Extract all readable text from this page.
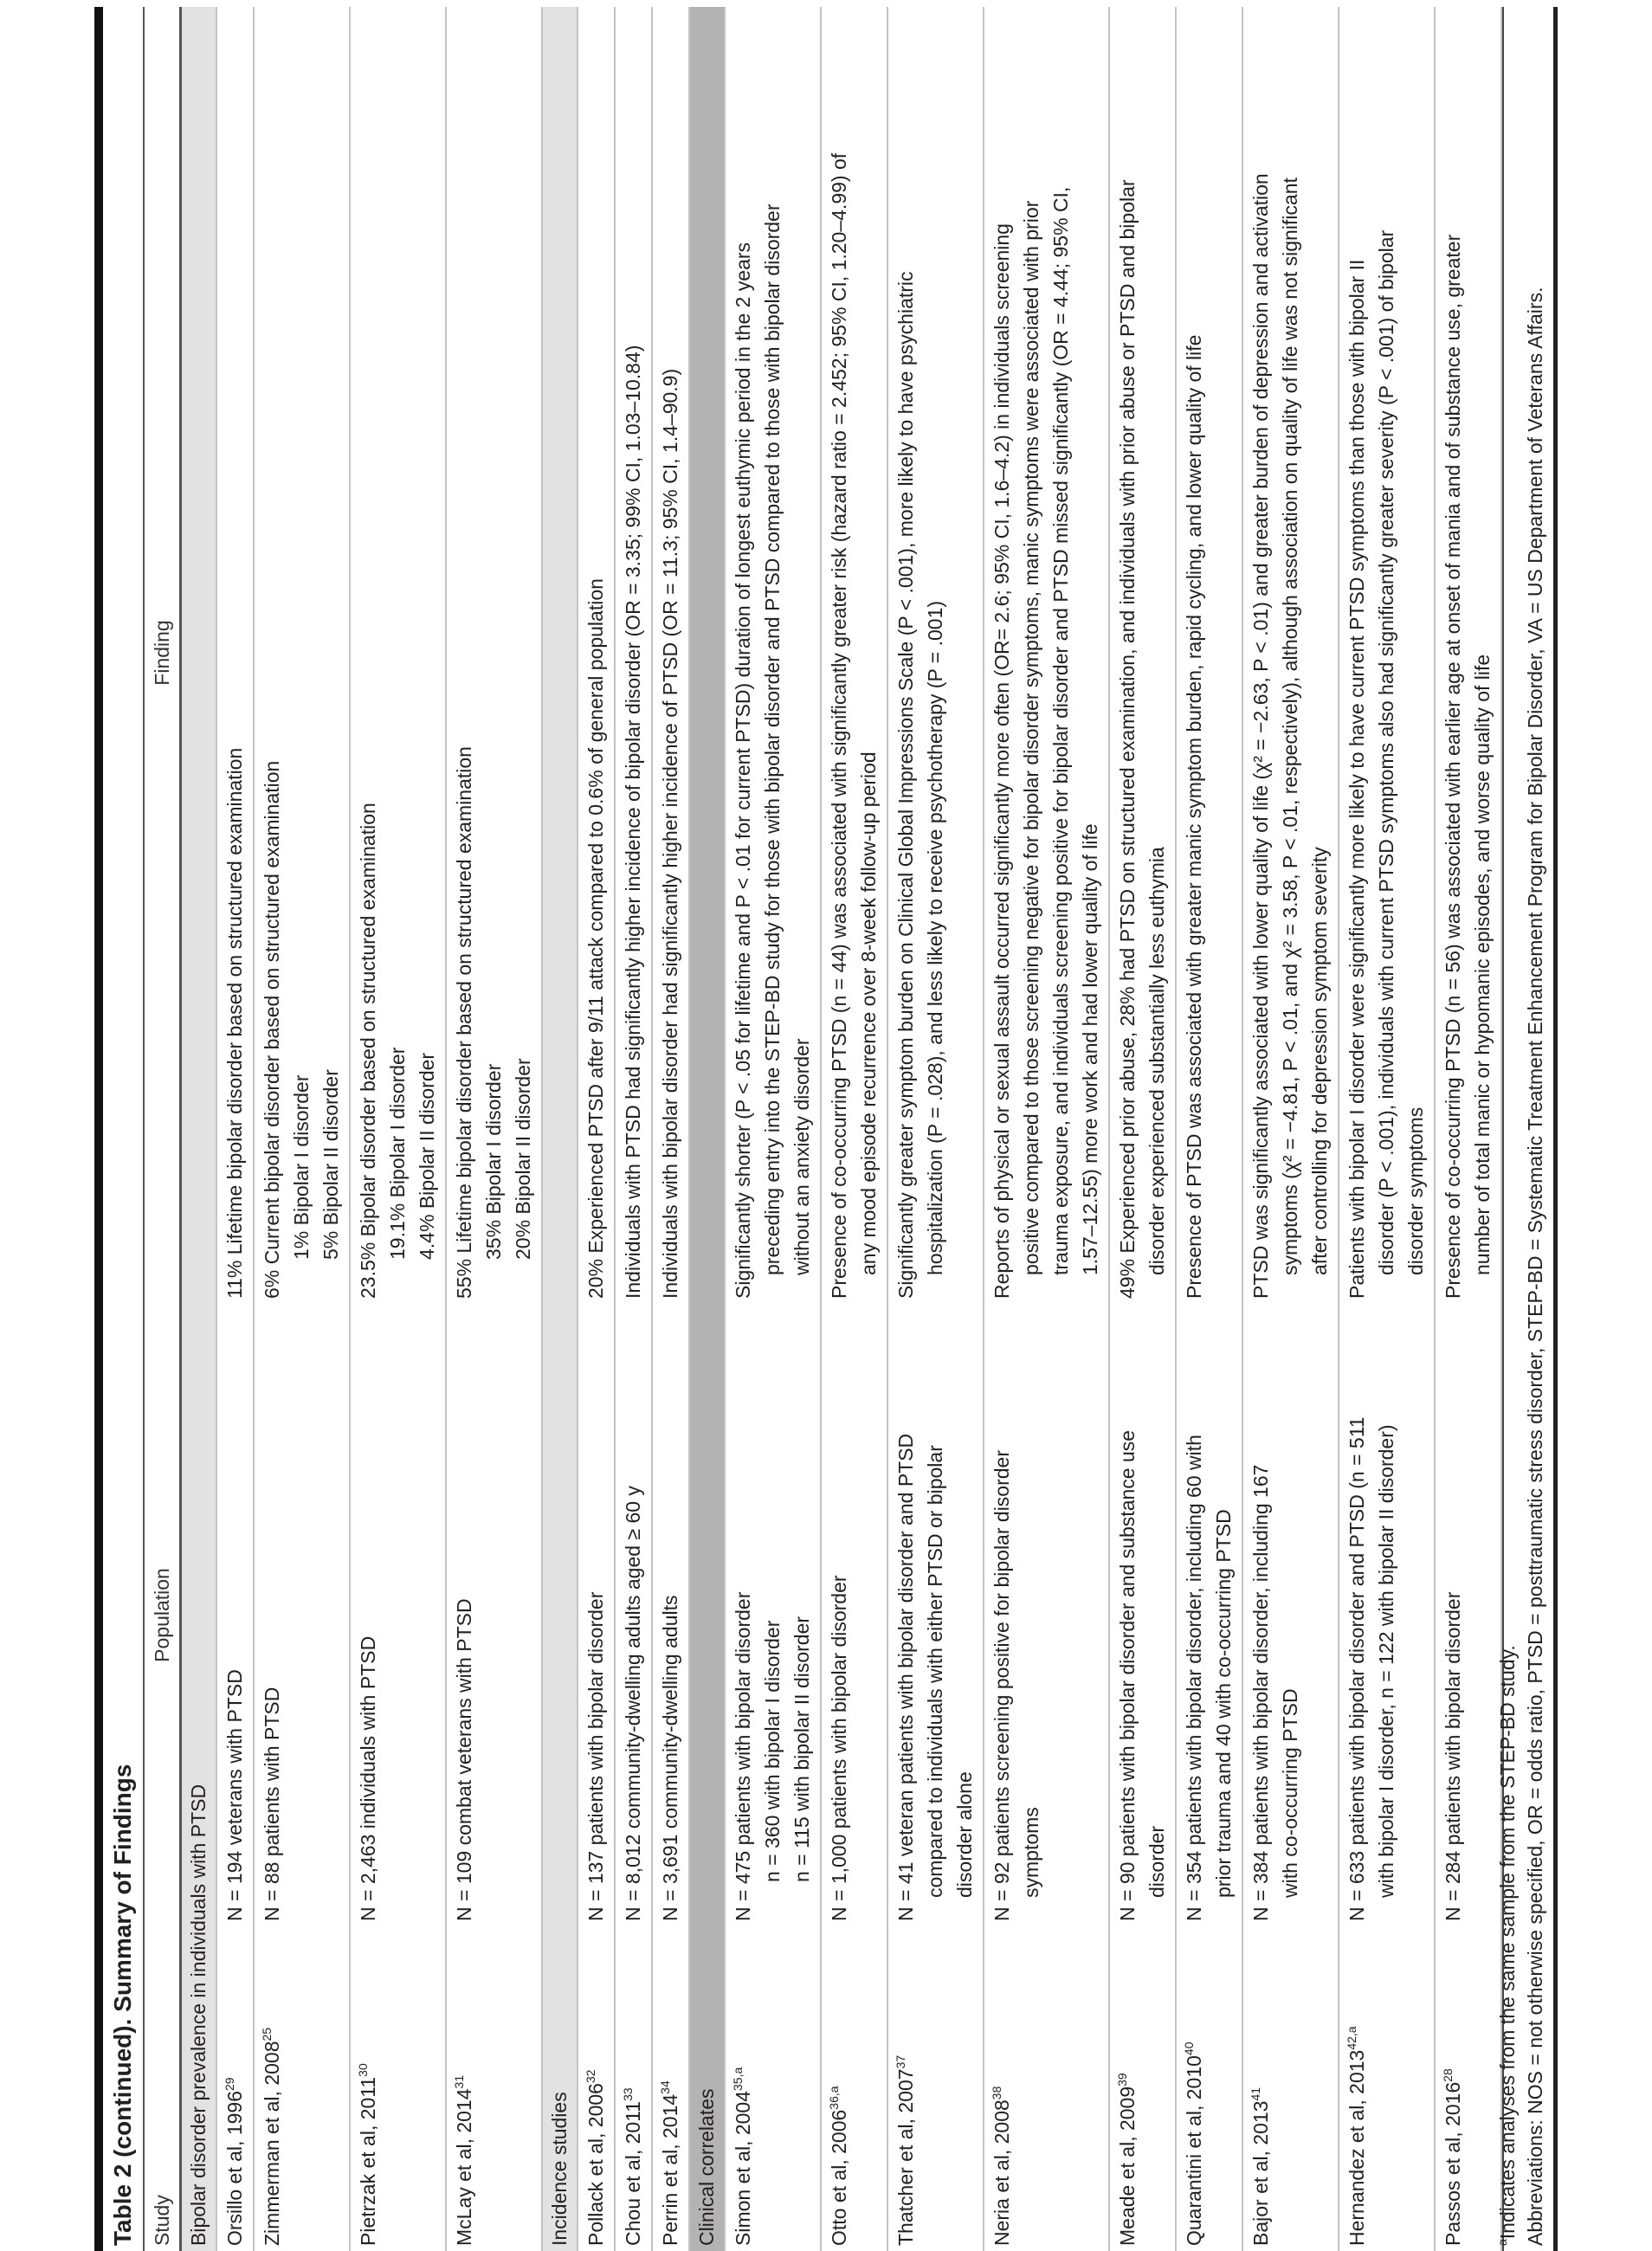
Table 2 (continued). Summary of Findings Study
Population
Finding
Bipolar disorder prevalence in individuals with PTSD Orsillo et al, 1996$^{29}$
N = 194 veterans with PTSD
11% Lifetime bipolar disorder based on structured examination
Zimmerman et al, 2008$^{25}$
N = 88 patients with PTSD
6% Current bipolar disorder based on structured examination 1% Bipolar I disorder 5% Bipolar II disorder
Pietrzak et al, 2011$^{30}$
N = 2,463 individuals with PTSD
23.5% Bipolar disorder based on structured examination 19.1% Bipolar I disorder 4.4% Bipolar II disorder
McLay et al, 2014$^{31}$
N = 109 combat veterans with PTSD
55% Lifetime bipolar disorder based on structured examination 35% Bipolar I disorder 20% Bipolar II disorder
Incidence studies Pollack et al, 2006$^{32}$
N = 137 patients with bipolar disorder
20% Experienced PTSD after 9/11 attack compared to 0.6% of general population
Chou et al, 2011$^{33}$
N = 8,012 community-dwelling adults aged ≥ 60 y
Individuals with PTSD had significantly higher incidence of bipolar disorder (OR = 3.35; 99% CI, 1.03–10.84)
Perrin et al, 2014$^{34}$
N = 3,691 community-dwelling adults
Individuals with bipolar disorder had significantly higher incidence of PTSD (OR = 11.3; 95% CI, 1.4–90.9)
Clinical correlates Simon et al, 2004$^{35,a}$
N = 475 patients with bipolar disorder n = 360 with bipolar I disorder n = 115 with bipolar II disorder
Significantly shorter (P < .05 for lifetime and P < .01 for current PTSD) duration of longest euthymic period in the 2 years preceding entry into the STEP-BD study for those with bipolar disorder and PTSD compared to those with bipolar disorder without an anxiety disorder
Otto et al, 2006$^{36,a}$
N = 1,000 patients with bipolar disorder
Presence of co-occurring PTSD (n = 44) was associated with significantly greater risk (hazard ratio = 2.452; 95% CI, 1.20–4.99) of any mood episode recurrence over 8-week follow-up period
Thatcher et al, 2007$^{37}$
N = 41 veteran patients with bipolar disorder and PTSD compared to individuals with either PTSD or bipolar disorder alone
Significantly greater symptom burden on Clinical Global Impressions Scale (P < .001), more likely to have psychiatric hospitalization (P = .028), and less likely to receive psychotherapy (P = .001)
Neria et al, 2008$^{38}$
N = 92 patients screening positive for bipolar disorder symptoms
Reports of physical or sexual assault occurred significantly more often (OR= 2.6; 95% CI, 1.6–4.2) in individuals screening positive compared to those screening negative for bipolar disorder symptoms, manic symptoms were associated with prior trauma exposure, and individuals screening positive for bipolar disorder and PTSD missed significantly (OR = 4.44; 95% CI, 1.57–12.55) more work and had lower quality of life
Meade et al, 2009$^{39}$
N = 90 patients with bipolar disorder and substance use disorder
49% Experienced prior abuse, 28% had PTSD on structured examination, and individuals with prior abuse or PTSD and bipolar disorder experienced substantially less euthymia
Quarantini et al, 2010$^{40}$
N = 354 patients with bipolar disorder, including 60 with prior trauma and 40 with co-occurring PTSD
Presence of PTSD was associated with greater manic symptom burden, rapid cycling, and lower quality of life
Bajor et al, 2013$^{41}$
N = 384 patients with bipolar disorder, including 167 with co-occurring PTSD
PTSD was significantly associated with lower quality of life (χ² = −2.63, P < .01) and greater burden of depression and activation symptoms (χ² = −4.81, P < .01, and χ² = 3.58, P < .01, respectively), although association on quality of life was not significant after controlling for depression symptom severity
Hernandez et al, 2013$^{42,a}$
N = 633 patients with bipolar disorder and PTSD (n = 511 with bipolar I disorder, n = 122 with bipolar II disorder)
Patients with bipolar I disorder were significantly more likely to have current PTSD symptoms than those with bipolar II disorder (P < .001), individuals with current PTSD symptoms also had significantly greater severity (P < .001) of bipolar disorder symptoms
Passos et al, 2016$^{28}$
N = 284 patients with bipolar disorder
Presence of co-occurring PTSD (n = 56) was associated with earlier age at onset of mania and of substance use, greater number of total manic or hypomanic episodes, and worse quality of life
$^a$Indicates analyses from the same sample from the STEP-BD study. Abbreviations: NOS = not otherwise specified, OR = odds ratio, PTSD = posttraumatic stress disorder, STEP-BD = Systematic Treatment Enhancement Program for Bipolar Disorder, VA = US Department of Veterans Affairs.
